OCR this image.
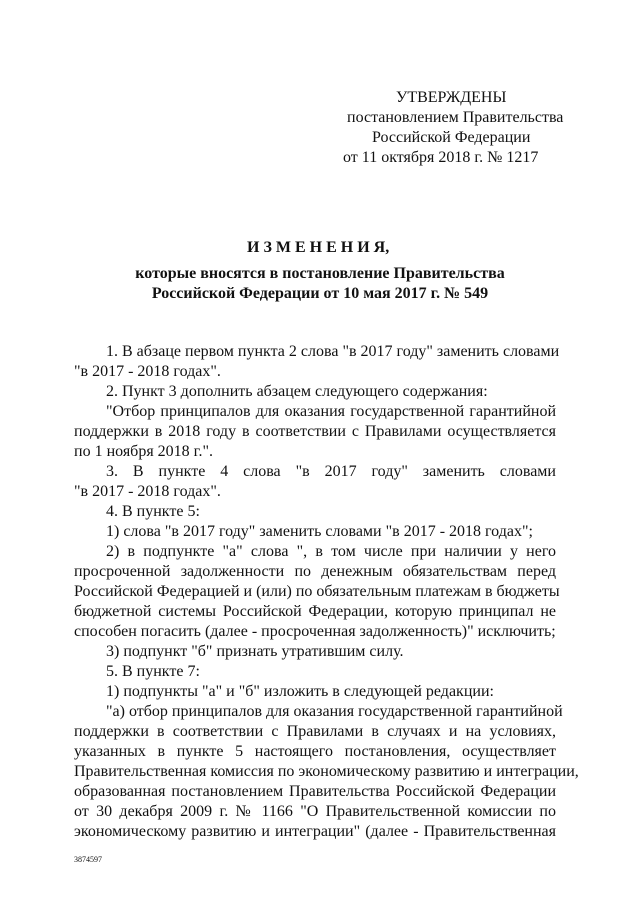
УТВЕРЖДЕНЫ
постановлением Правительства
Российской Федерации
от 11 октября 2018 г. № 1217
И З М Е Н Е Н И Я,
которые вносятся в постановление Правительства
Российской Федерации от 10 мая 2017 г. № 549
1. В абзаце первом пункта 2 слова "в 2017 году" заменить словами
"в 2017 - 2018 годах".
2. Пункт 3 дополнить абзацем следующего содержания:
"Отбор принципалов для оказания государственной гарантийной
поддержки в 2018 году в соответствии с Правилами осуществляется
по 1 ноября 2018 г.".
3. В пункте 4 слова "в 2017 году" заменить словами
"в 2017 - 2018 годах".
4. В пункте 5:
1) слова "в 2017 году" заменить словами "в 2017 - 2018 годах";
2) в подпункте "а" слова ", в том числе при наличии у него
просроченной задолженности по денежным обязательствам перед
Российской Федерацией и (или) по обязательным платежам в бюджеты
бюджетной системы Российской Федерации, которую принципал не
способен погасить (далее - просроченная задолженность)" исключить;
3) подпункт "б" признать утратившим силу.
5. В пункте 7:
1) подпункты "а" и "б" изложить в следующей редакции:
"а) отбор принципалов для оказания государственной гарантийной
поддержки в соответствии с Правилами в случаях и на условиях,
указанных в пункте 5 настоящего постановления, осуществляет
Правительственная комиссия по экономическому развитию и интеграции,
образованная постановлением Правительства Российской Федерации
от 30 декабря 2009 г. № 1166 "О Правительственной комиссии по
экономическому развитию и интеграции" (далее - Правительственная
3874597
